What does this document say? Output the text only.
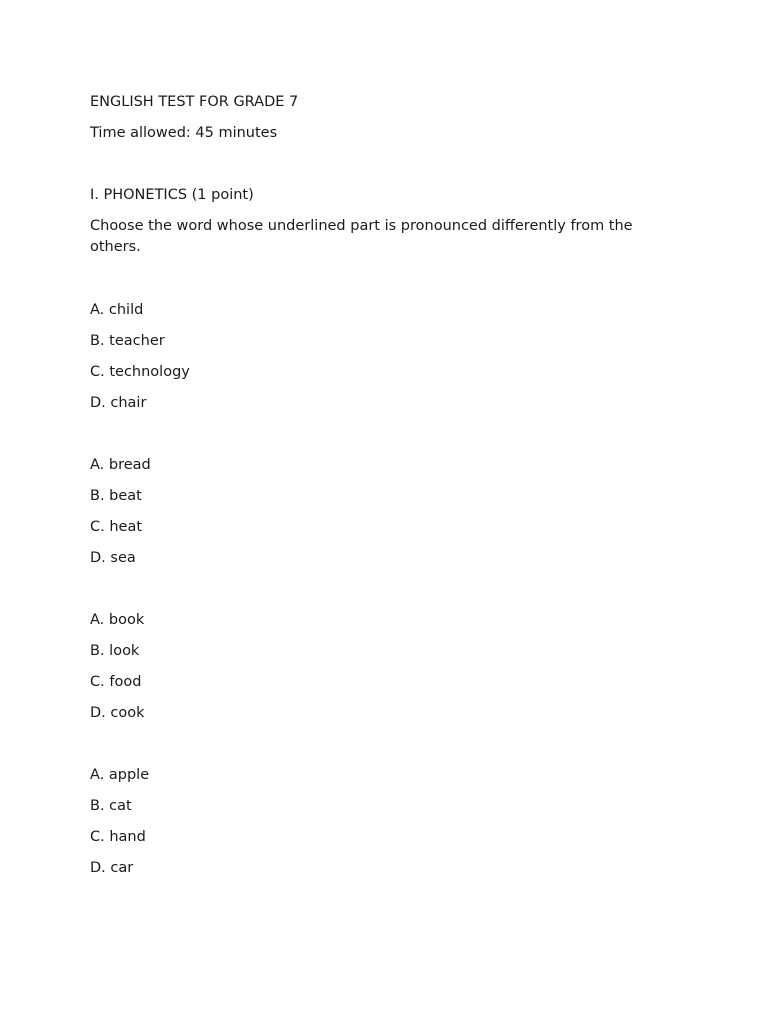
ENGLISH TEST FOR GRADE 7

Time allowed: 45 minutes

I. PHONETICS (1 point)

Choose the word whose underlined part is pronounced differently from the others.

A. child

B. teacher

C. technology

D. chair

A. bread

B. beat

C. heat

D. sea

A. book

B. look

C. food

D. cook

A. apple

B. cat

C. hand

D. car
